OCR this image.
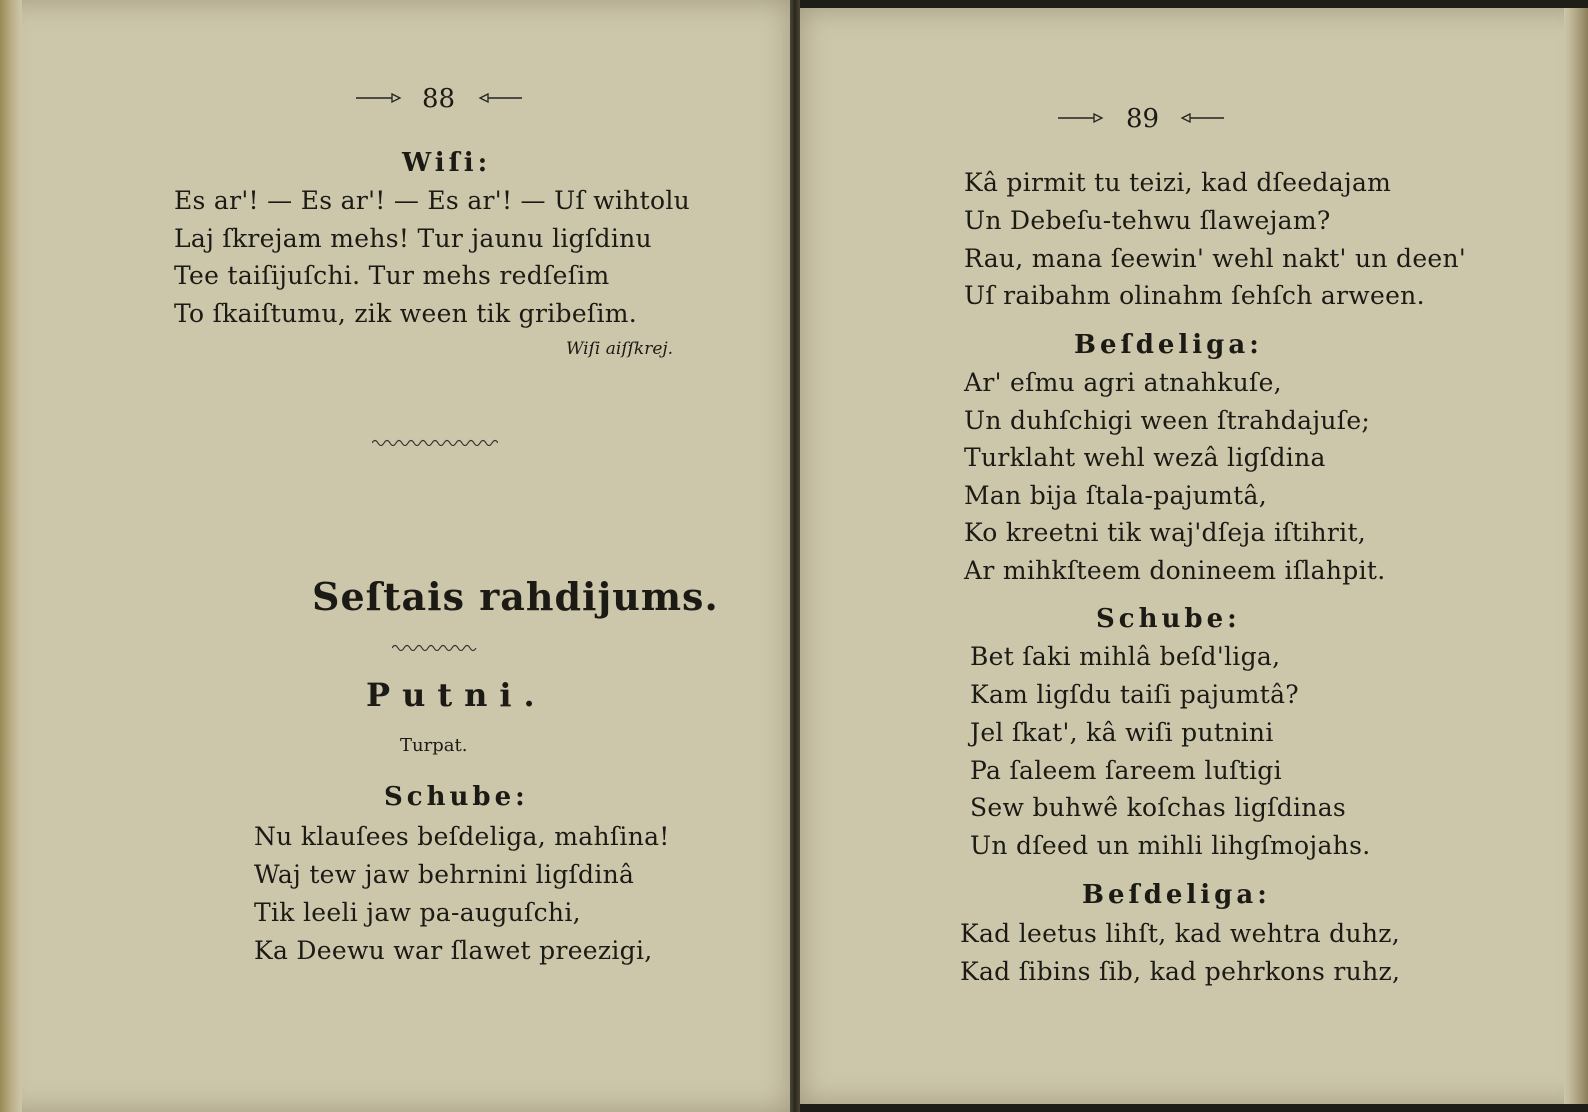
88
Wiſi:
Es ar'! — Es ar'! — Es ar'! — Uſ wihtolu
Laj ſkrejam mehs! Tur jaunu ligſdinu
Tee taiſijuſchi. Tur mehs redſeſim
To ſkaiſtumu, zik ween tik gribeſim.
Wiſi aiſſkrej.
Seſtais rahdijums.
Putni.
Turpat.
Schube:
Nu klauſees beſdeliga, mahſina!
Waj tew jaw behrnini ligſdinâ
Tik leeli jaw pa-auguſchi,
Ka Deewu war ſlawet preezigi,
89
Kâ pirmit tu teizi, kad dſeedajam
Un Debeſu-tehwu ſlawejam?
Rau, mana ſeewin' wehl nakt' un deen'
Uſ raibahm olinahm ſehſch arween.
Beſdeliga:
Ar' eſmu agri atnahkuſe,
Un duhſchigi ween ſtrahdajuſe;
Turklaht wehl wezâ ligſdina
Man bija ſtala-pajumtâ,
Ko kreetni tik waj'dſeja iſtihrit,
Ar mihkſteem donineem iſlahpit.
Schube:
Bet ſaki mihlâ beſd'liga,
Kam ligſdu taiſi pajumtâ?
Jel ſkat', kâ wiſi putnini
Pa ſaleem ſareem luſtigi
Sew buhwê koſchas ligſdinas
Un dſeed un mihli lihgſmojahs.
Beſdeliga:
Kad leetus lihſt, kad wehtra duhz,
Kad ſibins ſib, kad pehrkons ruhz,
